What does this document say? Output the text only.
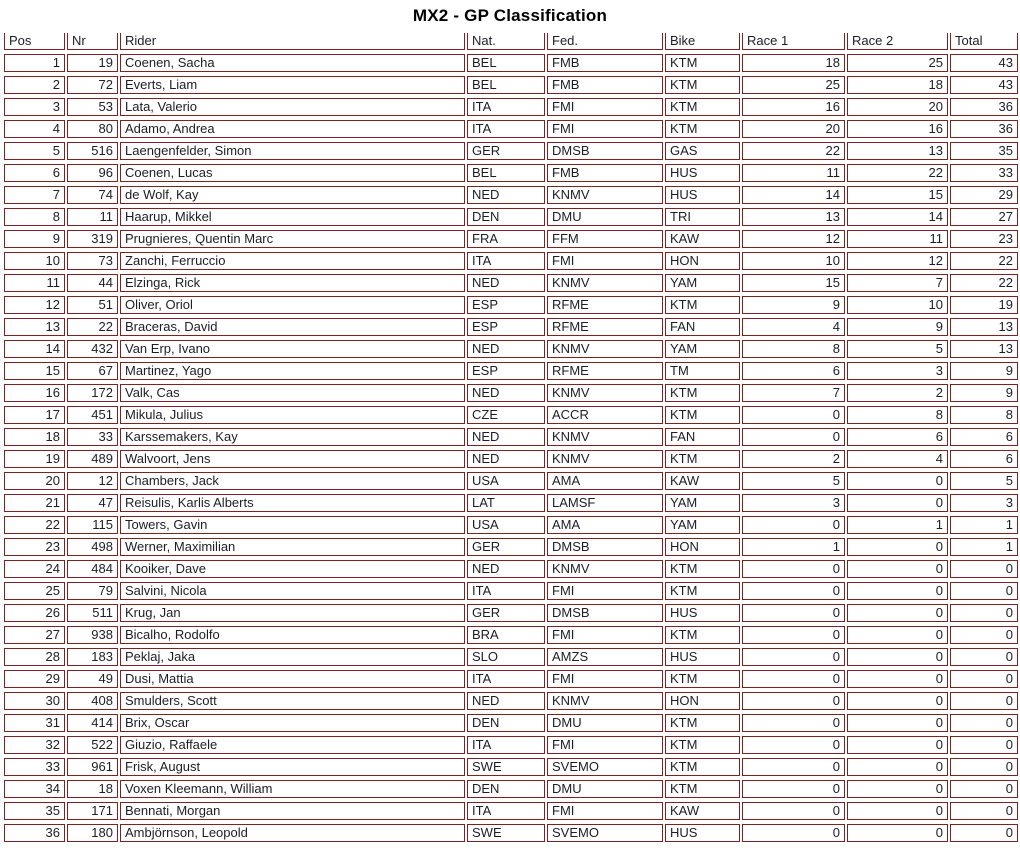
MX2 - GP Classification
Pos	Nr	Rider	Nat.	Fed.	Bike	Race 1	Race 2	Total
1	19	Coenen, Sacha	BEL	FMB	KTM	18	25	43
2	72	Everts, Liam	BEL	FMB	KTM	25	18	43
3	53	Lata, Valerio	ITA	FMI	KTM	16	20	36
4	80	Adamo, Andrea	ITA	FMI	KTM	20	16	36
5	516	Laengenfelder, Simon	GER	DMSB	GAS	22	13	35
6	96	Coenen, Lucas	BEL	FMB	HUS	11	22	33
7	74	de Wolf, Kay	NED	KNMV	HUS	14	15	29
8	11	Haarup, Mikkel	DEN	DMU	TRI	13	14	27
9	319	Prugnieres, Quentin Marc	FRA	FFM	KAW	12	11	23
10	73	Zanchi, Ferruccio	ITA	FMI	HON	10	12	22
11	44	Elzinga, Rick	NED	KNMV	YAM	15	7	22
12	51	Oliver, Oriol	ESP	RFME	KTM	9	10	19
13	22	Braceras, David	ESP	RFME	FAN	4	9	13
14	432	Van Erp, Ivano	NED	KNMV	YAM	8	5	13
15	67	Martinez, Yago	ESP	RFME	TM	6	3	9
16	172	Valk, Cas	NED	KNMV	KTM	7	2	9
17	451	Mikula, Julius	CZE	ACCR	KTM	0	8	8
18	33	Karssemakers, Kay	NED	KNMV	FAN	0	6	6
19	489	Walvoort, Jens	NED	KNMV	KTM	2	4	6
20	12	Chambers, Jack	USA	AMA	KAW	5	0	5
21	47	Reisulis, Karlis Alberts	LAT	LAMSF	YAM	3	0	3
22	115	Towers, Gavin	USA	AMA	YAM	0	1	1
23	498	Werner, Maximilian	GER	DMSB	HON	1	0	1
24	484	Kooiker, Dave	NED	KNMV	KTM	0	0	0
25	79	Salvini, Nicola	ITA	FMI	KTM	0	0	0
26	511	Krug, Jan	GER	DMSB	HUS	0	0	0
27	938	Bicalho, Rodolfo	BRA	FMI	KTM	0	0	0
28	183	Peklaj, Jaka	SLO	AMZS	HUS	0	0	0
29	49	Dusi, Mattia	ITA	FMI	KTM	0	0	0
30	408	Smulders, Scott	NED	KNMV	HON	0	0	0
31	414	Brix, Oscar	DEN	DMU	KTM	0	0	0
32	522	Giuzio, Raffaele	ITA	FMI	KTM	0	0	0
33	961	Frisk, August	SWE	SVEMO	KTM	0	0	0
34	18	Voxen Kleemann, William	DEN	DMU	KTM	0	0	0
35	171	Bennati, Morgan	ITA	FMI	KAW	0	0	0
36	180	Ambjörnson, Leopold	SWE	SVEMO	HUS	0	0	0
